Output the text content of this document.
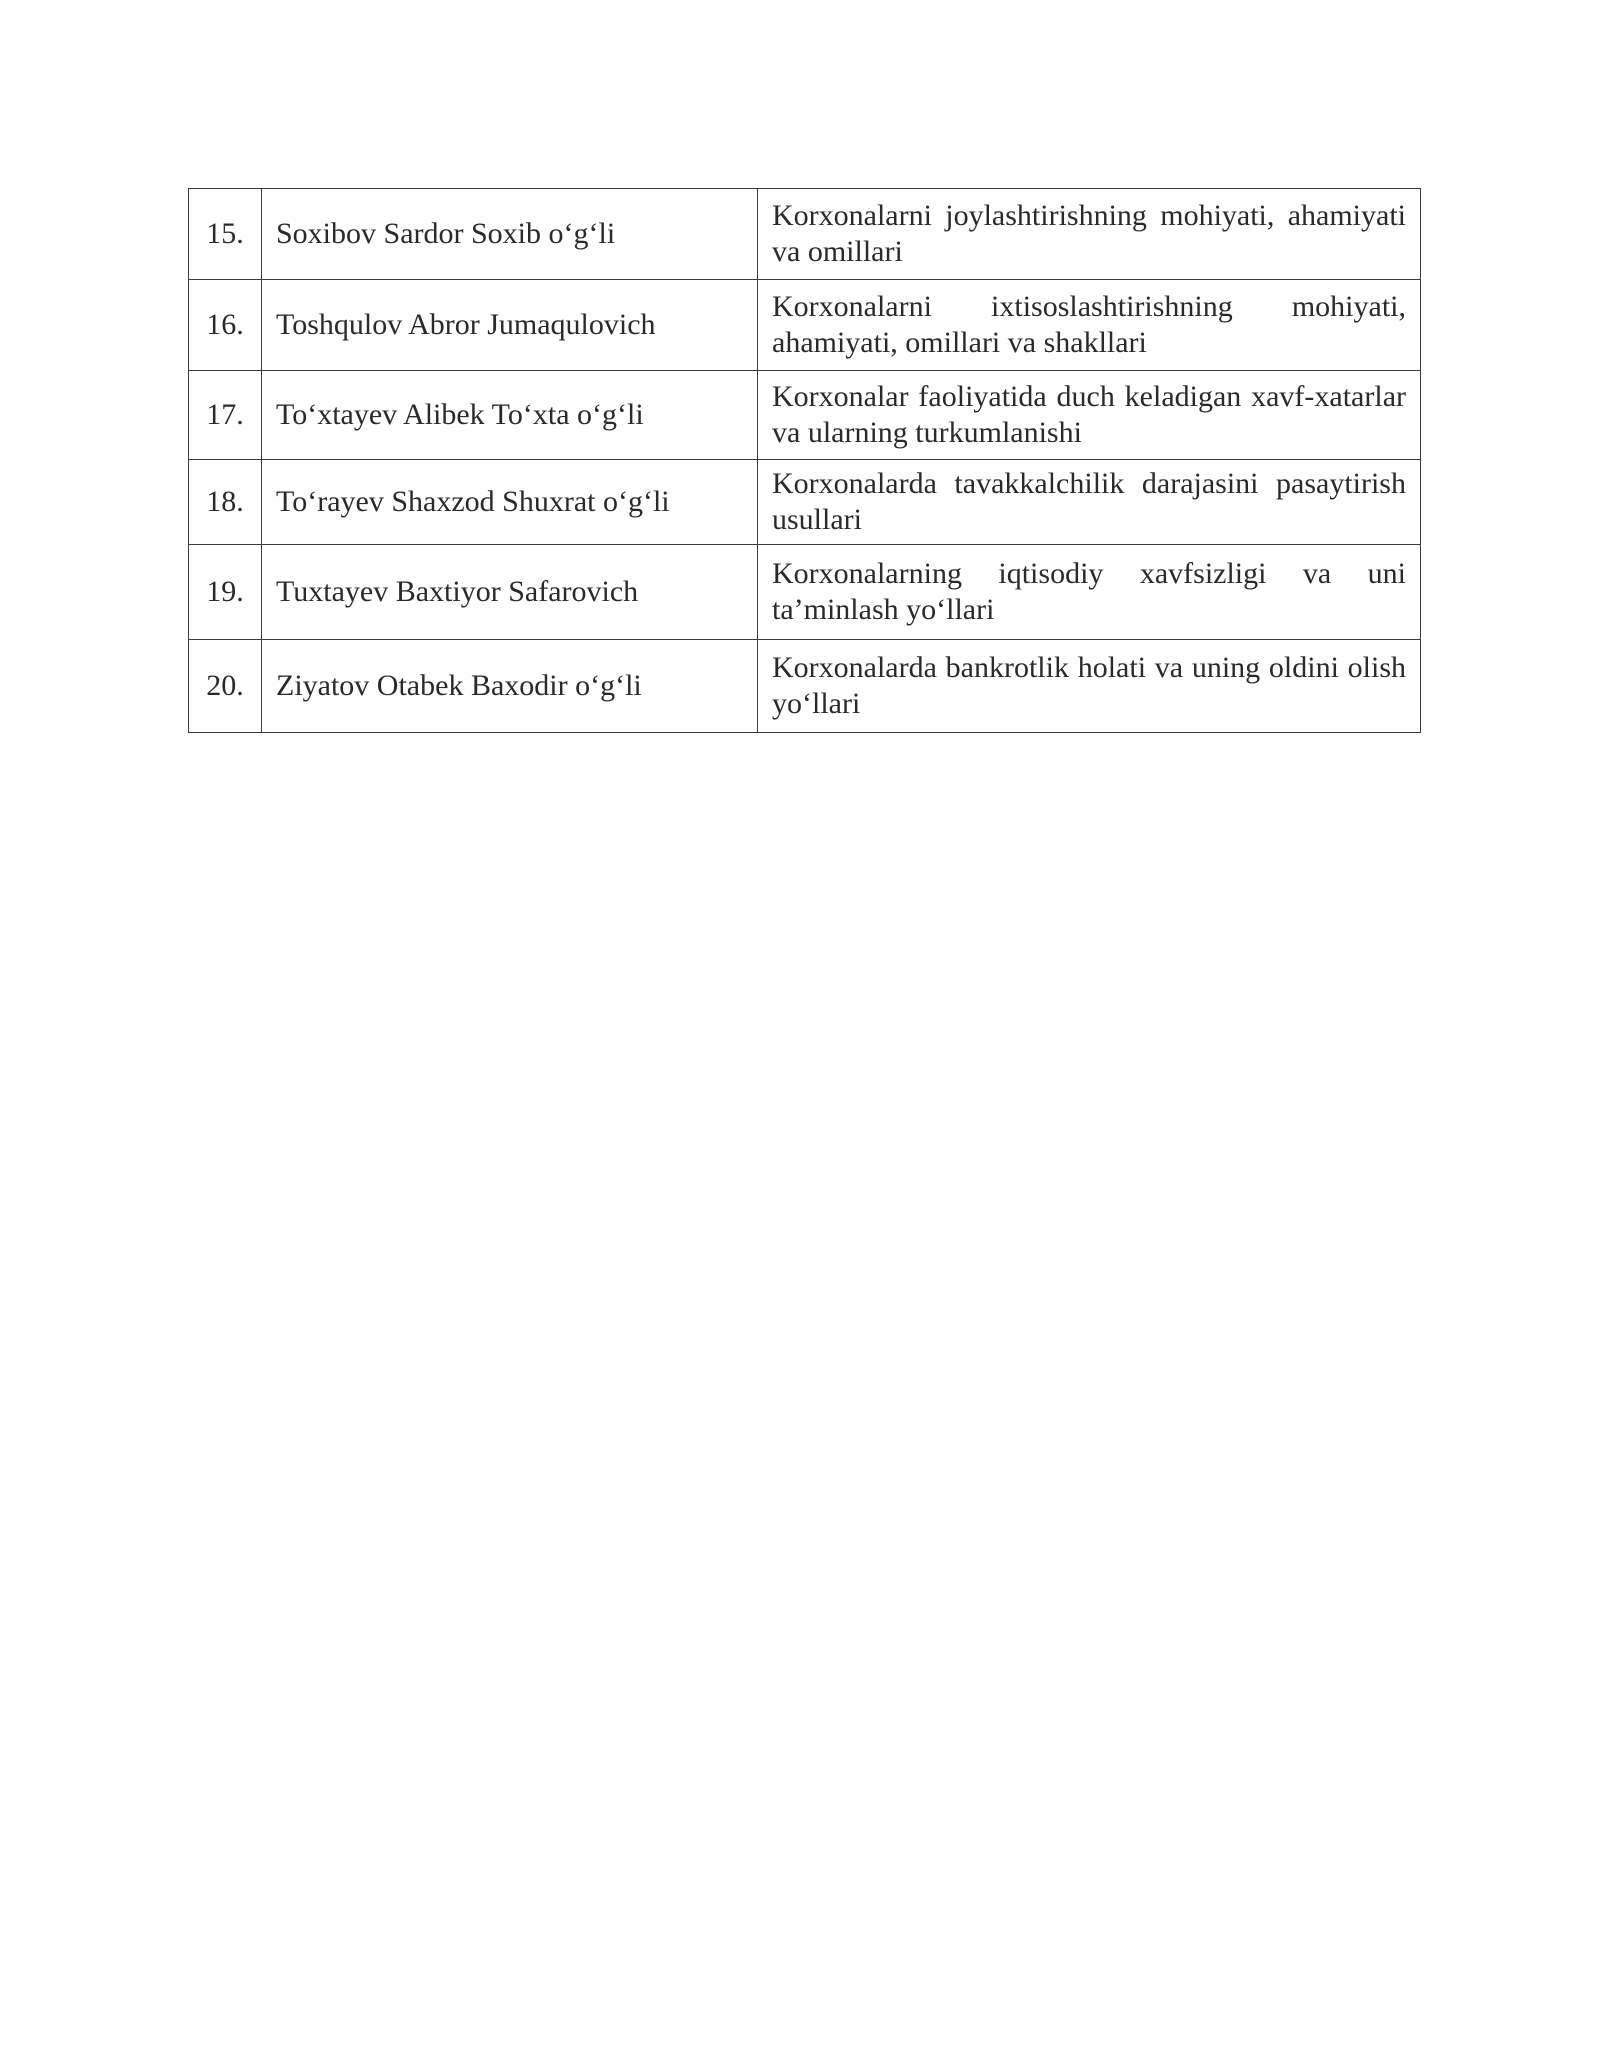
15.	Soxibov Sardor Soxib o‘g‘li	Korxonalarni joylashtirishning mohiyati, ahamiyati va omillari
16.	Toshqulov Abror Jumaqulovich	Korxonalarni ixtisoslashtirishning mohiyati, ahamiyati, omillari va shakllari
17.	To‘xtayev Alibek To‘xta o‘g‘li	Korxonalar faoliyatida duch keladigan xavf-xatarlar va ularning turkumlanishi
18.	To‘rayev Shaxzod Shuxrat o‘g‘li	Korxonalarda tavakkalchilik darajasini pasaytirish usullari
19.	Tuxtayev Baxtiyor Safarovich	Korxonalarning iqtisodiy xavfsizligi va uni ta’minlash yo‘llari
20.	Ziyatov Otabek Baxodir o‘g‘li	Korxonalarda bankrotlik holati va uning oldini olish yo‘llari
